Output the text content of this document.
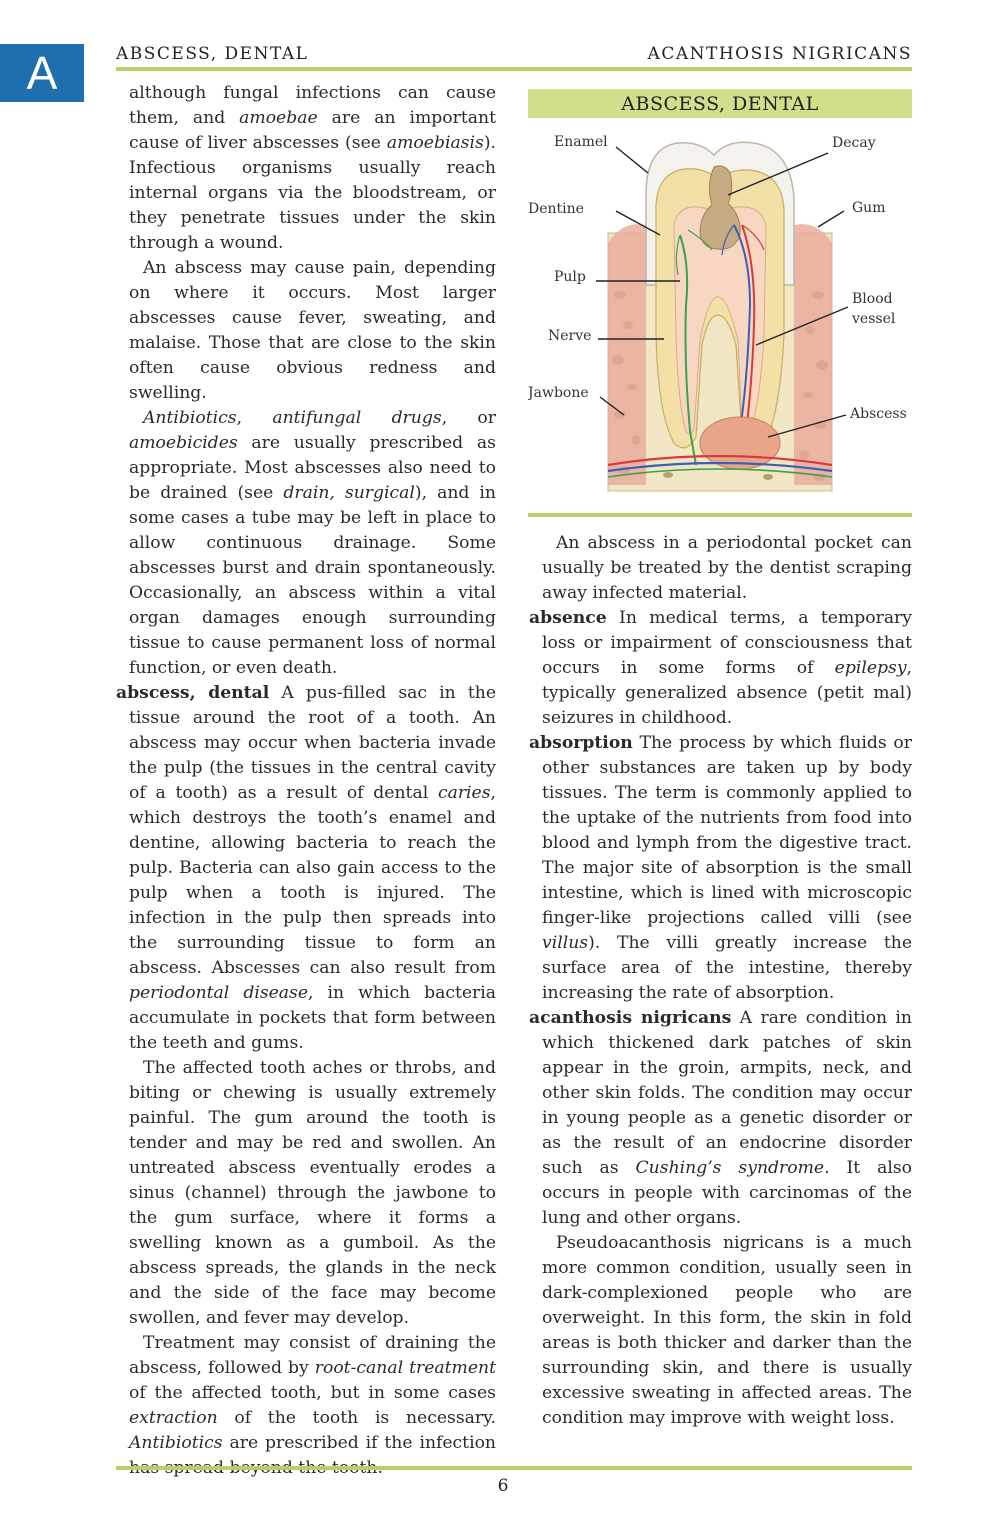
A	ABSCESS, DENTAL	ACANTHOSIS NIGRICANS

although fungal infections can cause them, and amoebae are an important cause of liver abscesses (see amoebiasis). Infectious organisms usually reach internal organs via the bloodstream, or they penetrate tissues under the skin through a wound.

An abscess may cause pain, depending on where it occurs. Most larger abscesses cause fever, sweating, and malaise. Those that are close to the skin often cause obvious redness and swelling.

Antibiotics, antifungal drugs, or amoebicides are usually prescribed as appropriate. Most abscesses also need to be drained (see drain, surgical), and in some cases a tube may be left in place to allow continuous drainage. Some abscesses burst and drain spontaneously. Occasionally, an abscess within a vital organ damages enough surrounding tissue to cause permanent loss of normal function, or even death.

abscess, dental A pus-filled sac in the tissue around the root of a tooth. An abscess may occur when bacteria invade the pulp (the tissues in the central cavity of a tooth) as a result of dental caries, which destroys the tooth’s enamel and dentine, allowing bacteria to reach the pulp. Bacteria can also gain access to the pulp when a tooth is injured. The infection in the pulp then spreads into the surrounding tissue to form an abscess. Abscesses can also result from periodontal disease, in which bacteria accumulate in pockets that form between the teeth and gums.

The affected tooth aches or throbs, and biting or chewing is usually extremely painful. The gum around the tooth is tender and may be red and swollen. An untreated abscess eventually erodes a sinus (channel) through the jawbone to the gum surface, where it forms a swelling known as a gumboil. As the abscess spreads, the glands in the neck and the side of the face may become swollen, and fever may develop.

Treatment may consist of draining the abscess, followed by root-canal treatment of the affected tooth, but in some cases extraction of the tooth is necessary. Antibiotics are prescribed if the infection

ABSCESS, DENTAL
Enamel	Decay
Dentine	Gum
Pulp
Blood
vessel
Nerve
Jawbone
Abscess

An abscess in a periodontal pocket can usually be treated by the dentist scraping away infected material.

absence In medical terms, a temporary loss or impairment of consciousness that occurs in some forms of epilepsy, typically generalized absence (petit mal) seizures in childhood.

absorption The process by which fluids or other substances are taken up by body tissues. The term is commonly applied to the uptake of the nutrients from food into blood and lymph from the digestive tract. The major site of absorption is the small intestine, which is lined with microscopic finger-like projections called villi (see villus). The villi greatly increase the surface area of the intestine, thereby increasing the rate of absorption.

acanthosis nigricans A rare condition in which thickened dark patches of skin appear in the groin, armpits, neck, and other skin folds. The condition may occur in young people as a genetic disorder or as the result of an endocrine disorder such as Cushing’s syndrome. It also occurs in people with carcinomas of the lung and other organs.

Pseudoacanthosis nigricans is a much more common condition, usually seen in dark-complexioned people who are overweight. In this form, the skin in fold areas is both thicker and darker than the surrounding skin, and there is usually excessive sweating in affected areas. The condition may improve with weight loss.

6
